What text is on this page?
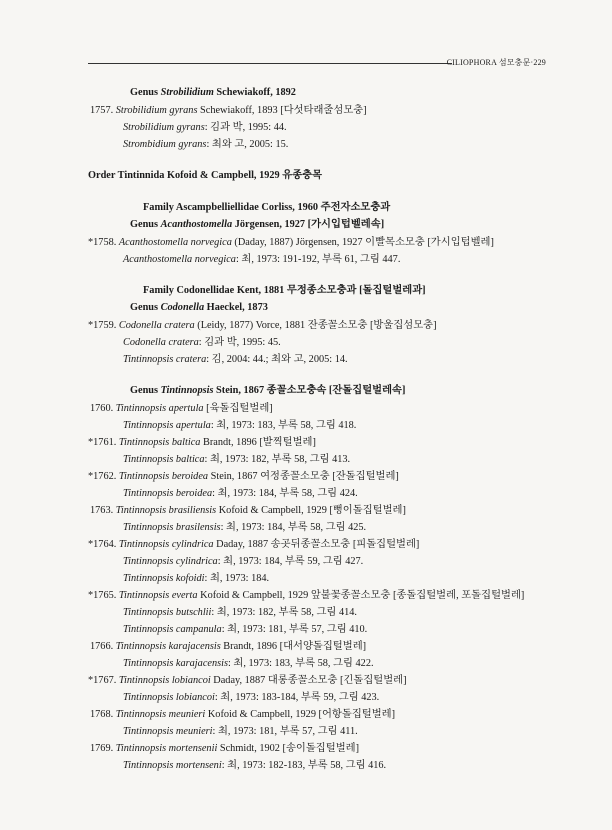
CILIOPHORA 섬모충문·229
Genus Strobilidium Schewiakoff, 1892
1757. Strobilidium gyrans Schewiakoff, 1893 [다섯타래줄섬모충]
Strobilidium gyrans: 김과 박, 1995: 44.
Strombidium gyrans: 최와 고, 2005: 15.
Order Tintinnida Kofoid & Campbell, 1929 유종충목
Family Ascampbelliellidae Corliss, 1960 주전자소모충과
Genus Acanthostomella Jörgensen, 1927 [가시입텁벨레속]
*1758. Acanthostomella norvegica (Daday, 1887) Jörgensen, 1927 이빨목소모충 [가시입텁벨레]
Acanthostomella norvegica: 최, 1973: 191-192, 부록 61, 그림 447.
Family Codonellidae Kent, 1881 무정종소모충과 [돌집털벌레과]
Genus Codonella Haeckel, 1873
*1759. Codonella cratera (Leidy, 1877) Vorce, 1881 잔종꼴소모충 [방울집섬모충]
Codonella cratera: 김과 박, 1995: 45.
Tintinnopsis cratera: 김, 2004: 44.; 최와 고, 2005: 14.
Genus Tintinnopsis Stein, 1867 종꼴소모충속 [잔돌집털벌레속]
1760. Tintinnopsis apertula [육돌집털벌레]
Tintinnopsis apertula: 최, 1973: 183, 부록 58, 그림 418.
*1761. Tintinnopsis baltica Brandt, 1896 [발찍털벌레]
Tintinnopsis baltica: 최, 1973: 182, 부록 58, 그림 413.
*1762. Tintinnopsis beroidea Stein, 1867 여정종꼴소모충 [잔돌집털벌레]
Tintinnopsis beroidea: 최, 1973: 184, 부록 58, 그림 424.
1763. Tintinnopsis brasiliensis Kofoid & Campbell, 1929 [뻥이돌집털벌레]
Tintinnopsis brasilensis: 최, 1973: 184, 부록 58, 그림 425.
*1764. Tintinnopsis cylindrica Daday, 1887 송곳뒤종꼴소모충 [피돌집털벌레]
Tintinnopsis cylindrica: 최, 1973: 184, 부록 59, 그림 427.
Tintinnopsis kofoidi: 최, 1973: 184.
*1765. Tintinnopsis everta Kofoid & Campbell, 1929 앞불꽃종꼴소모충 [종돌집털벌레, 포돌집털벌레]
Tintinnopsis butschlii: 최, 1973: 182, 부록 58, 그림 414.
Tintinnopsis campanula: 최, 1973: 181, 부록 57, 그림 410.
1766. Tintinnopsis karajacensis Brandt, 1896 [대서양돌집털벌레]
Tintinnopsis karajacensis: 최, 1973: 183, 부록 58, 그림 422.
*1767. Tintinnopsis lobiancoi Daday, 1887 대롱종꼴소모충 [긴돌집털벌레]
Tintinnopsis lobiancoi: 최, 1973: 183-184, 부록 59, 그림 423.
1768. Tintinnopsis meunieri Kofoid & Campbell, 1929 [어항돌집털벌레]
Tintinnopsis meunieri: 최, 1973: 181, 부록 57, 그림 411.
1769. Tintinnopsis mortensenii Schmidt, 1902 [송이돌집털벌레]
Tintinnopsis mortenseni: 최, 1973: 182-183, 부록 58, 그림 416.
